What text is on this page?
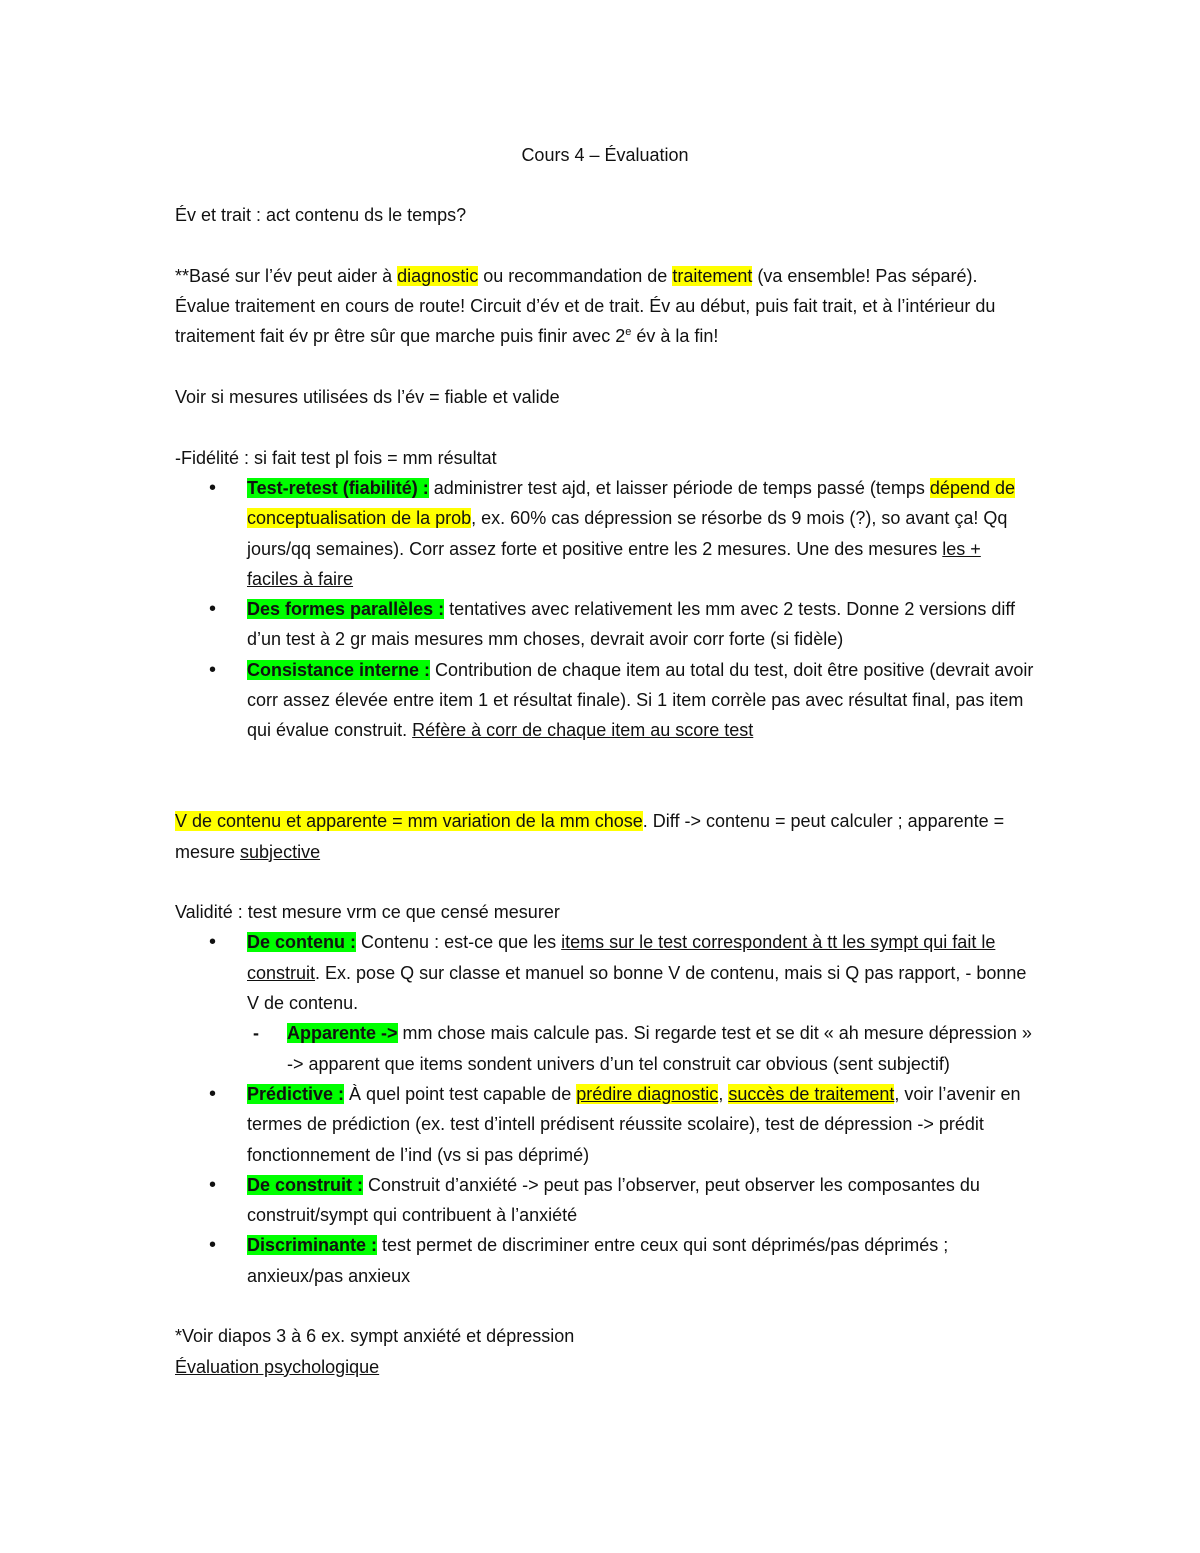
Cours 4 – Évaluation

Év et trait : act contenu ds le temps?

**Basé sur l’év peut aider à diagnostic ou recommandation de traitement (va ensemble! Pas séparé). Évalue traitement en cours de route! Circuit d’év et de trait. Év au début, puis fait trait, et à l’intérieur du traitement fait év pr être sûr que marche puis finir avec 2e év à la fin!

Voir si mesures utilisées ds l’év = fiable et valide

-Fidélité : si fait test pl fois = mm résultat

• Test-retest (fiabilité) : administrer test ajd, et laisser période de temps passé (temps dépend de conceptualisation de la prob, ex. 60% cas dépression se résorbe ds 9 mois (?), so avant ça! Qq jours/qq semaines). Corr assez forte et positive entre les 2 mesures. Une des mesures les + faciles à faire
• Des formes parallèles : tentatives avec relativement les mm avec 2 tests. Donne 2 versions diff d’un test à 2 gr mais mesures mm choses, devrait avoir corr forte (si fidèle)
• Consistance interne : Contribution de chaque item au total du test, doit être positive (devrait avoir corr assez élevée entre item 1 et résultat finale). Si 1 item corrèle pas avec résultat final, pas item qui évalue construit. Réfère à corr de chaque item au score test

V de contenu et apparente = mm variation de la mm chose. Diff -> contenu = peut calculer ; apparente = mesure subjective

Validité : test mesure vrm ce que censé mesurer

• De contenu : Contenu : est-ce que les items sur le test correspondent à tt les sympt qui fait le construit. Ex. pose Q sur classe et manuel so bonne V de contenu, mais si Q pas rapport, - bonne V de contenu.
- Apparente -> mm chose mais calcule pas. Si regarde test et se dit « ah mesure dépression » -> apparent que items sondent univers d’un tel construit car obvious (sent subjectif)
• Prédictive : À quel point test capable de prédire diagnostic, succès de traitement, voir l’avenir en termes de prédiction (ex. test d’intell prédisent réussite scolaire), test de dépression -> prédit fonctionnement de l’ind (vs si pas déprimé)
• De construit : Construit d’anxiété -> peut pas l’observer, peut observer les composantes du construit/sympt qui contribuent à l’anxiété
• Discriminante : test permet de discriminer entre ceux qui sont déprimés/pas déprimés ; anxieux/pas anxieux

*Voir diapos 3 à 6 ex. sympt anxiété et dépression

Évaluation psychologique
